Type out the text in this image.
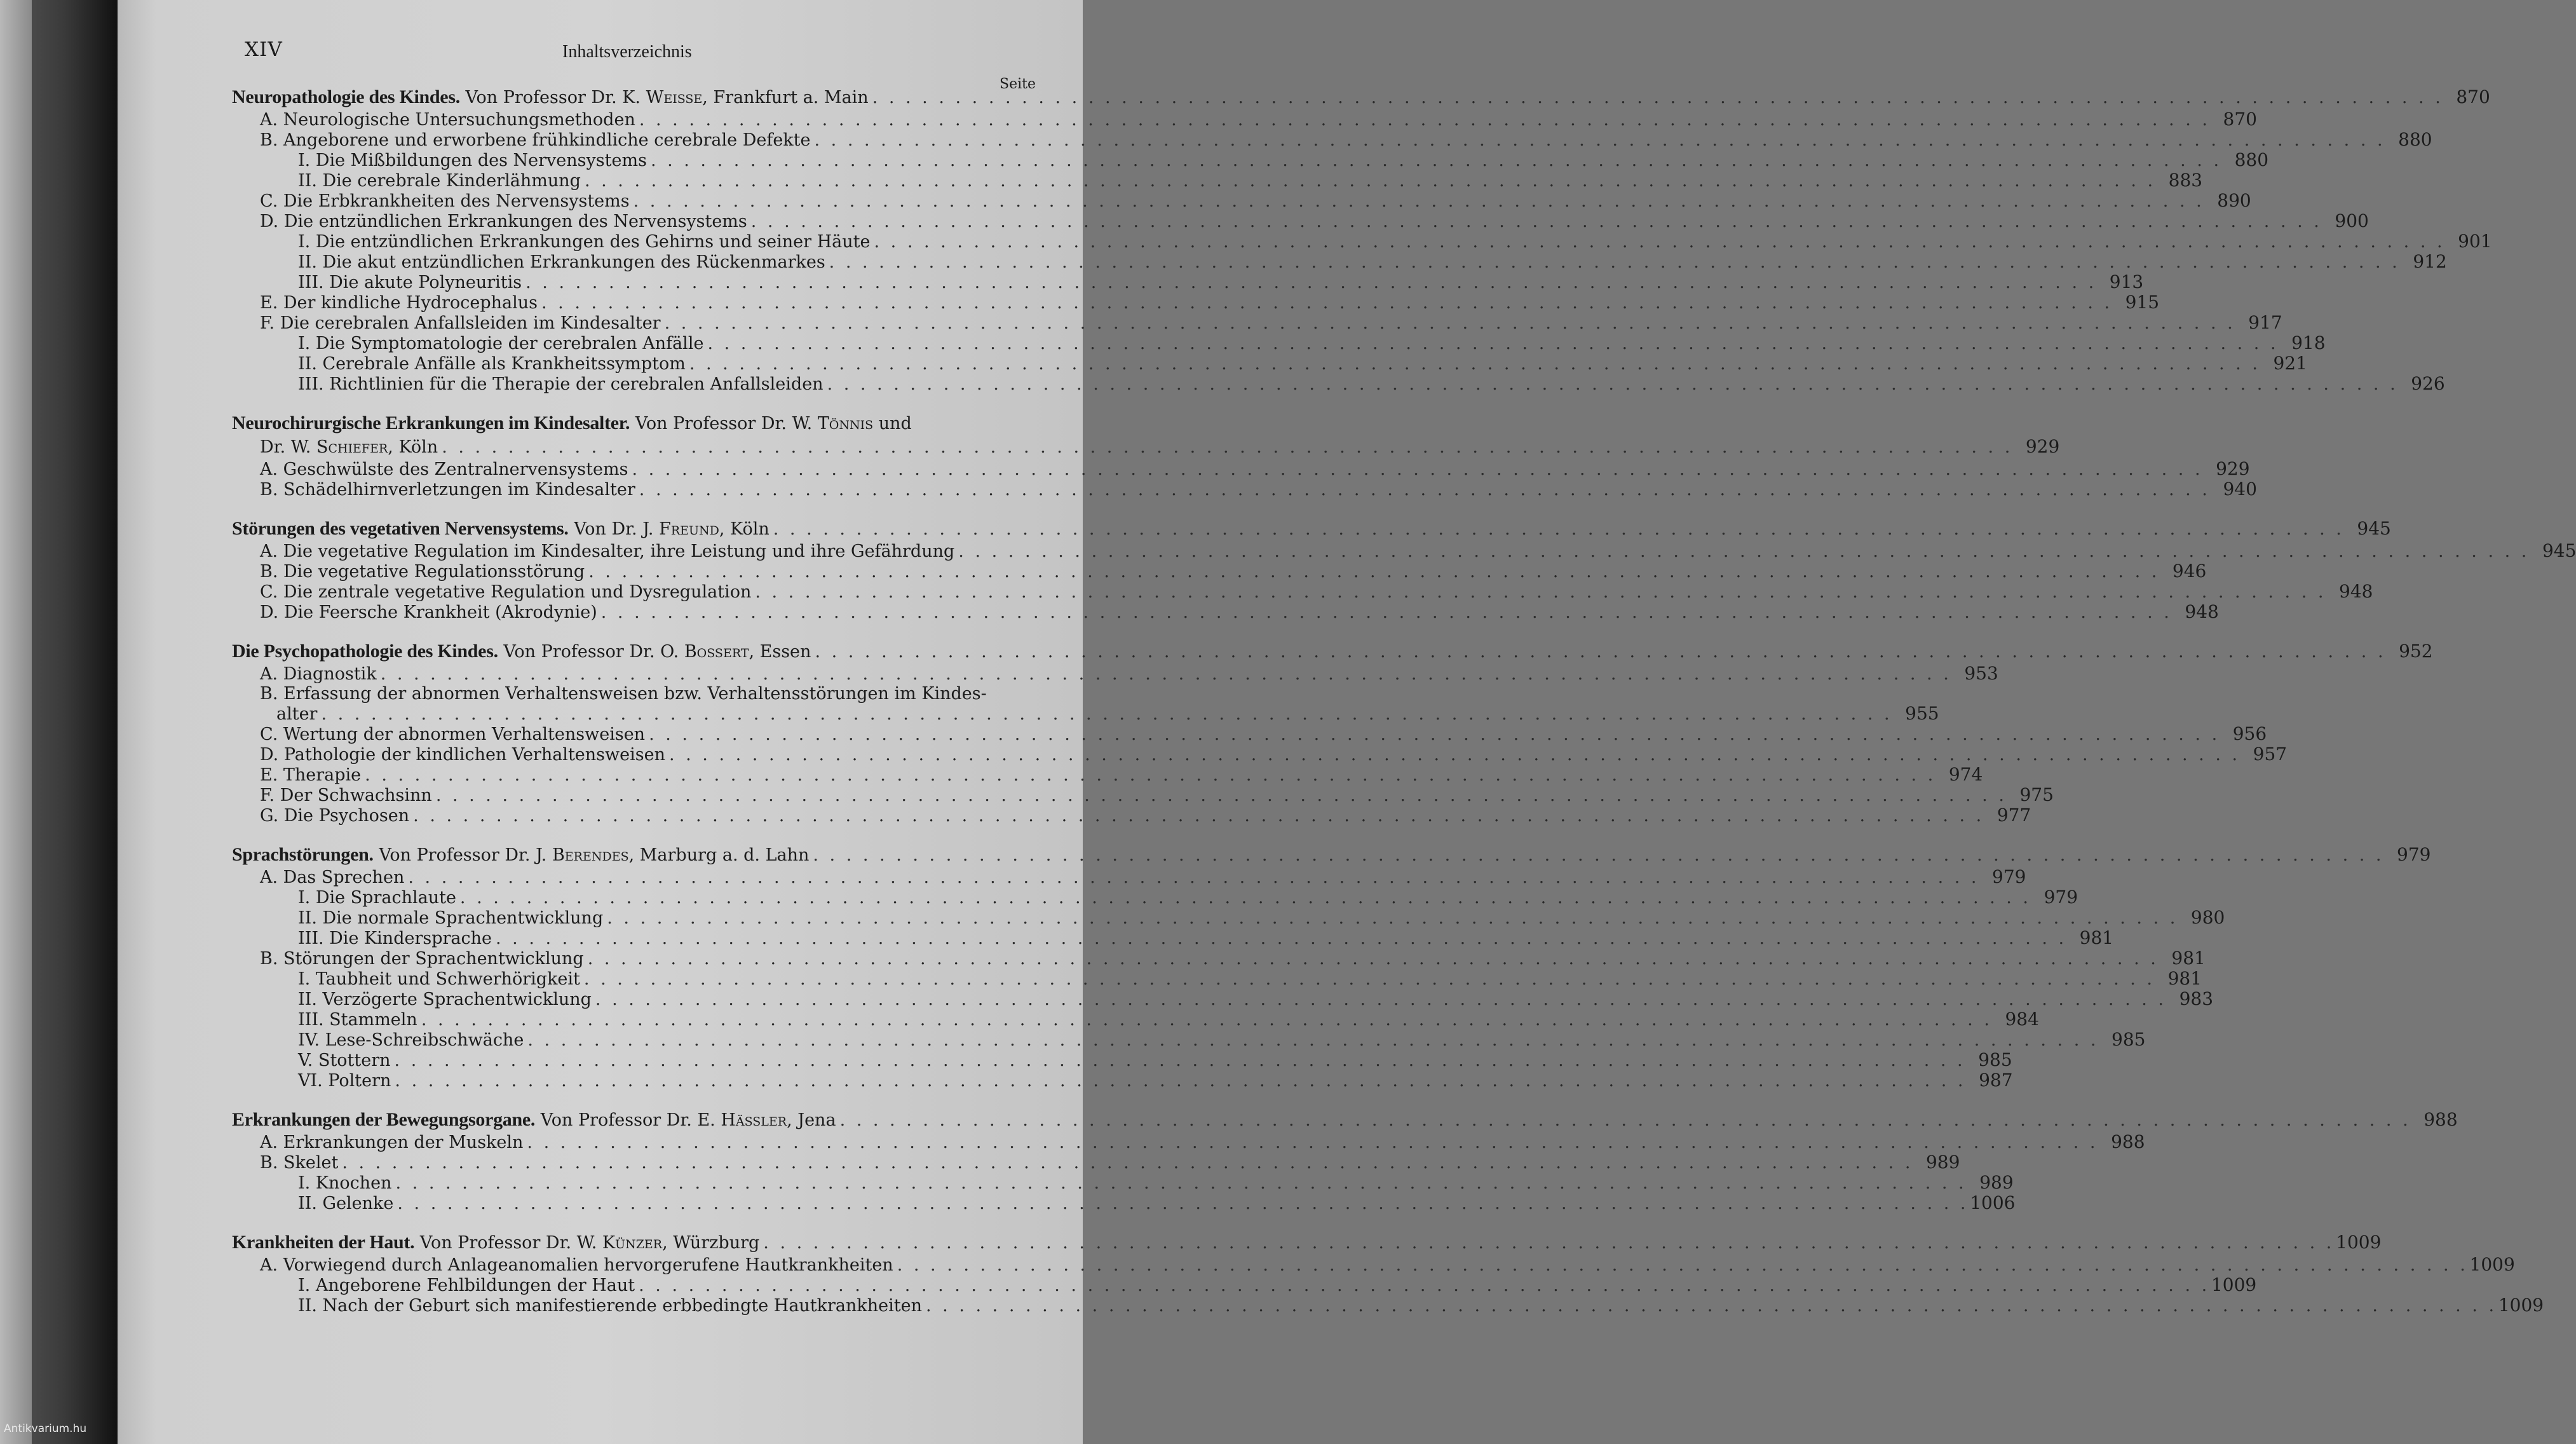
XIV	Inhaltsverzeichnis
Seite
Neuropathologie des Kindes. Von Professor Dr. K. Weisse, Frankfurt a. Main . . .	870
A. Neurologische Untersuchungsmethoden . . .	870
B. Angeborene und erworbene frühkindliche cerebrale Defekte . . .	880
I. Die Mißbildungen des Nervensystems . . .	880
II. Die cerebrale Kinderlähmung . . .	883
C. Die Erbkrankheiten des Nervensystems . . .	890
D. Die entzündlichen Erkrankungen des Nervensystems . . .	900
I. Die entzündlichen Erkrankungen des Gehirns und seiner Häute . . .	901
II. Die akut entzündlichen Erkrankungen des Rückenmarkes . . .	912
III. Die akute Polyneuritis . . .	913
E. Der kindliche Hydrocephalus . . .	915
F. Die cerebralen Anfallsleiden im Kindesalter . . .	917
I. Die Symptomatologie der cerebralen Anfälle . . .	918
II. Cerebrale Anfälle als Krankheitssymptom . . .	921
III. Richtlinien für die Therapie der cerebralen Anfallsleiden . . .	926
Neurochirurgische Erkrankungen im Kindesalter. Von Professor Dr. W. Tönnis und
Dr. W. Schiefer, Köln . . .	929
A. Geschwülste des Zentralnervensystems . . .	929
B. Schädelhirnverletzungen im Kindesalter . . .	940
Störungen des vegetativen Nervensystems. Von Dr. J. Freund, Köln . . .	945
A. Die vegetative Regulation im Kindesalter, ihre Leistung und ihre Gefährdung . . .	945
B. Die vegetative Regulationsstörung . . .	946
C. Die zentrale vegetative Regulation und Dysregulation . . .	948
D. Die Feersche Krankheit (Akrodynie) . . .	948
Die Psychopathologie des Kindes. Von Professor Dr. O. Bossert, Essen . . .	952
A. Diagnostik . . .	953
B. Erfassung der abnormen Verhaltensweisen bzw. Verhaltensstörungen im Kindes-
alter . . .	955
C. Wertung der abnormen Verhaltensweisen . . .	956
D. Pathologie der kindlichen Verhaltensweisen . . .	957
E. Therapie . . .	974
F. Der Schwachsinn . . .	975
G. Die Psychosen . . .	977
Sprachstörungen. Von Professor Dr. J. Berendes, Marburg a. d. Lahn . . .	979
A. Das Sprechen . . .	979
I. Die Sprachlaute . . .	979
II. Die normale Sprachentwicklung . . .	980
III. Die Kindersprache . . .	981
B. Störungen der Sprachentwicklung . . .	981
I. Taubheit und Schwerhörigkeit . . .	981
II. Verzögerte Sprachentwicklung . . .	983
III. Stammeln . . .	984
IV. Lese-Schreibschwäche . . .	985
V. Stottern . . .	985
VI. Poltern . . .	987
Erkrankungen der Bewegungsorgane. Von Professor Dr. E. Hässler, Jena . . .	988
A. Erkrankungen der Muskeln . . .	988
B. Skelet . . .	989
I. Knochen . . .	989
II. Gelenke . . .	1006
Krankheiten der Haut. Von Professor Dr. W. Künzer, Würzburg . . .	1009
A. Vorwiegend durch Anlageanomalien hervorgerufene Hautkrankheiten . . .	1009
I. Angeborene Fehlbildungen der Haut . . .	1009
II. Nach der Geburt sich manifestierende erbbedingte Hautkrankheiten . . .	1009
Antikvarium.hu
